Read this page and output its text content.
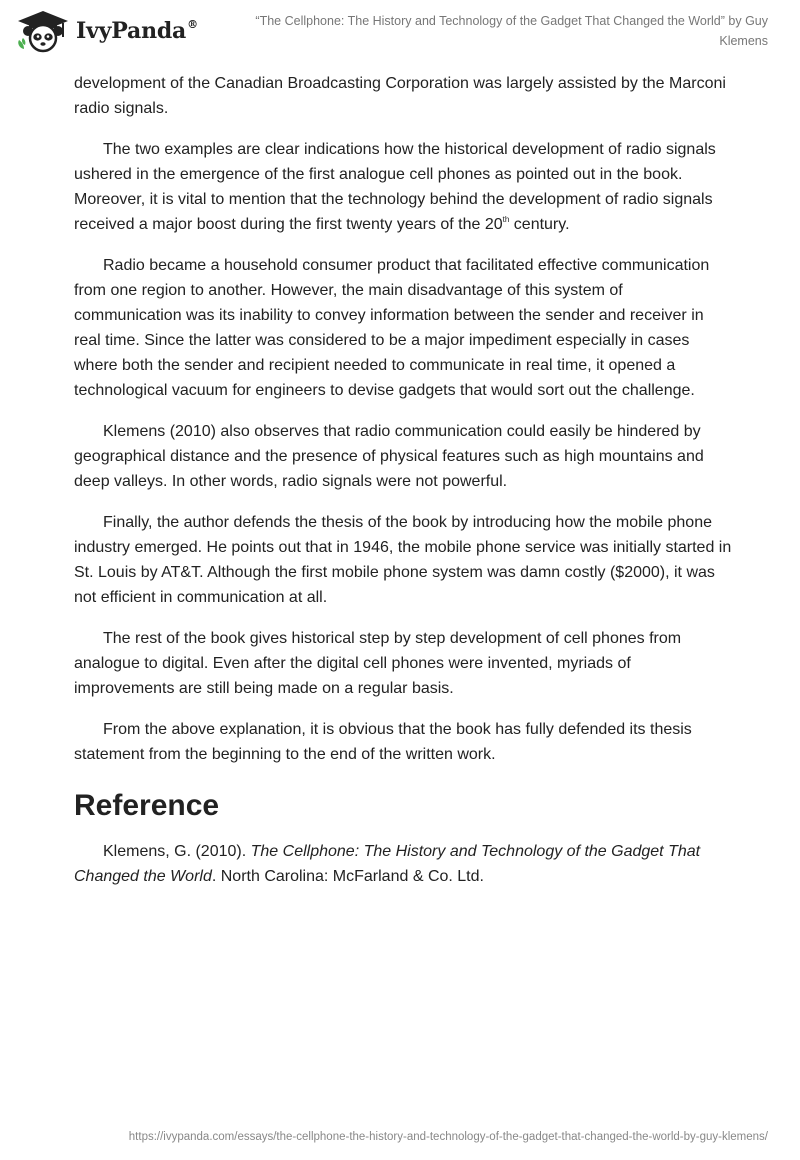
IvyPanda®	“The Cellphone: The History and Technology of the Gadget That Changed the World” by Guy Klemens

development of the Canadian Broadcasting Corporation was largely assisted by the Marconi radio signals.

The two examples are clear indications how the historical development of radio signals ushered in the emergence of the first analogue cell phones as pointed out in the book. Moreover, it is vital to mention that the technology behind the development of radio signals received a major boost during the first twenty years of the 20th century.

Radio became a household consumer product that facilitated effective communication from one region to another. However, the main disadvantage of this system of communication was its inability to convey information between the sender and receiver in real time. Since the latter was considered to be a major impediment especially in cases where both the sender and recipient needed to communicate in real time, it opened a technological vacuum for engineers to devise gadgets that would sort out the challenge.

Klemens (2010) also observes that radio communication could easily be hindered by geographical distance and the presence of physical features such as high mountains and deep valleys. In other words, radio signals were not powerful.

Finally, the author defends the thesis of the book by introducing how the mobile phone industry emerged. He points out that in 1946, the mobile phone service was initially started in St. Louis by AT&T. Although the first mobile phone system was damn costly ($2000), it was not efficient in communication at all.

The rest of the book gives historical step by step development of cell phones from analogue to digital. Even after the digital cell phones were invented, myriads of improvements are still being made on a regular basis.

From the above explanation, it is obvious that the book has fully defended its thesis statement from the beginning to the end of the written work.

Reference

Klemens, G. (2010). The Cellphone: The History and Technology of the Gadget That Changed the World. North Carolina: McFarland & Co. Ltd.

https://ivypanda.com/essays/the-cellphone-the-history-and-technology-of-the-gadget-that-changed-the-world-by-guy-klemens/
